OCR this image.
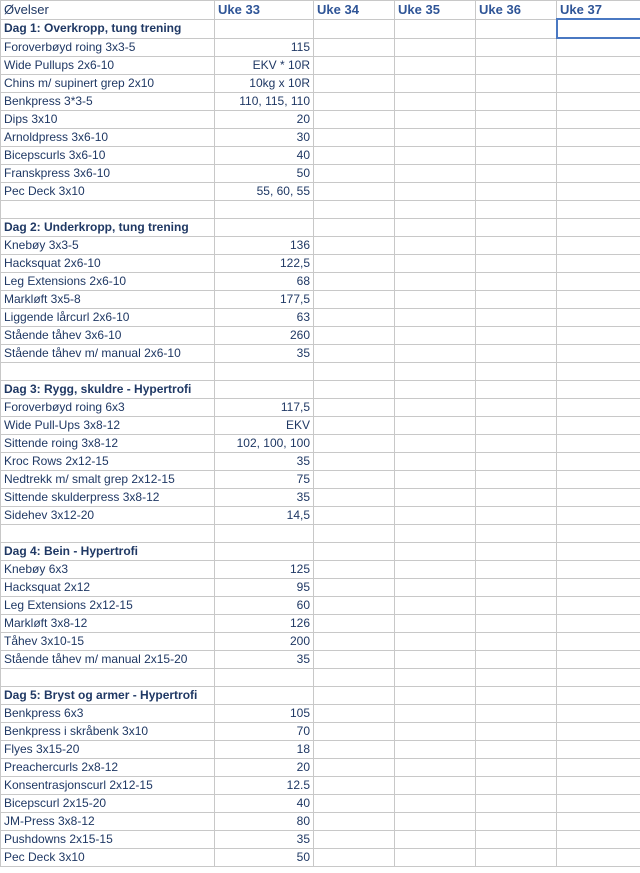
Øvelser	Uke 33	Uke 34	Uke 35	Uke 36	Uke 37
Dag 1: Overkropp, tung trening					
Foroverbøyd roing 3x3-5	115				
Wide Pullups 2x6-10	EKV * 10R				
Chins m/ supinert grep 2x10	10kg x 10R				
Benkpress 3*3-5	110, 115, 110				
Dips 3x10	20				
Arnoldpress 3x6-10	30				
Bicepscurls 3x6-10	40				
Franskpress 3x6-10	50				
Pec Deck 3x10	55, 60, 55				

Dag 2: Underkropp, tung trening					
Knebøy 3x3-5	136				
Hacksquat 2x6-10	122,5				
Leg Extensions 2x6-10	68				
Markløft 3x5-8	177,5				
Liggende lårcurl 2x6-10	63				
Stående tåhev 3x6-10	260				
Stående tåhev m/ manual 2x6-10	35				

Dag 3: Rygg, skuldre - Hypertrofi					
Foroverbøyd roing 6x3	117,5				
Wide Pull-Ups 3x8-12	EKV				
Sittende roing 3x8-12	102, 100, 100				
Kroc Rows 2x12-15	35				
Nedtrekk m/ smalt grep 2x12-15	75				
Sittende skulderpress 3x8-12	35				
Sidehev 3x12-20	14,5				

Dag 4: Bein - Hypertrofi					
Knebøy 6x3	125				
Hacksquat 2x12	95				
Leg Extensions 2x12-15	60				
Markløft 3x8-12	126				
Tåhev 3x10-15	200				
Stående tåhev m/ manual 2x15-20	35				

Dag 5: Bryst og armer - Hypertrofi					
Benkpress 6x3	105				
Benkpress i skråbenk 3x10	70				
Flyes 3x15-20	18				
Preachercurls 2x8-12	20				
Konsentrasjonscurl 2x12-15	12.5				
Bicepscurl 2x15-20	40				
JM-Press 3x8-12	80				
Pushdowns 2x15-15	35				
Pec Deck 3x10	50				
